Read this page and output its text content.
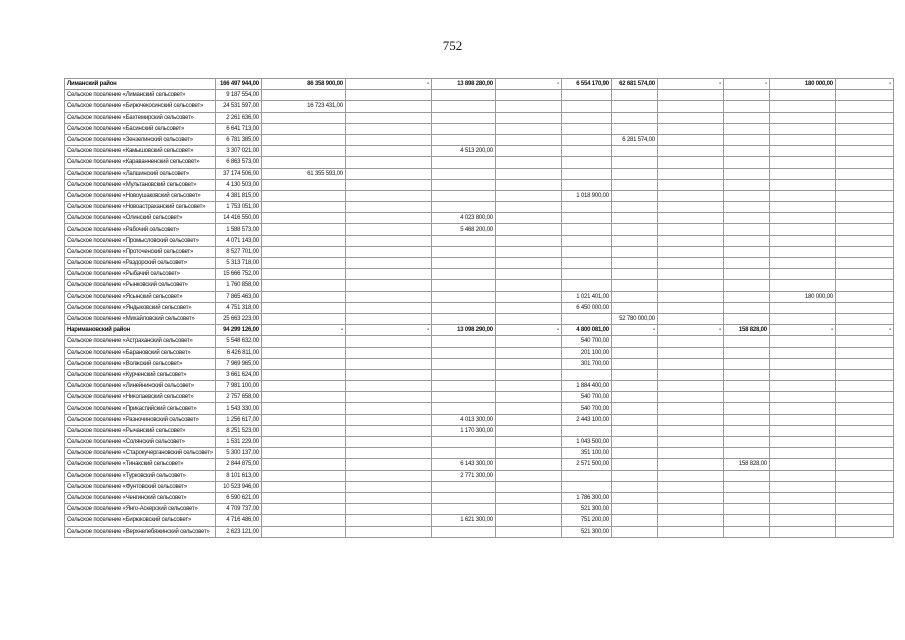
752
Лиманский район	166 497 944,00	86 358 900,00	-	13 898 280,00	-	6 554 170,90	62 681 574,00	-	-	180 000,00	-
Сельское поселение «Лиманский сельсовет»	9 187 554,00										
Сельское поселение «Бирючекосинский сельсовет»	24 531 597,00	16 723 431,00									
Сельское поселение «Бахтемирский сельсовет»	2 261 636,00										
Сельское поселение «Басинский сельсовет»	6 641 713,00										
Сельское поселение «Зензелинский сельсовет»	6 781 385,00						6 281 574,00				
Сельское поселение «Камышовский сельсовет»	3 307 021,00			4 513 200,00							
Сельское поселение «Караванненский сельсовет»	6 863 573,00										
Сельское поселение «Лапшинский сельсовет»	37 174 506,00	61 355 593,00									
Сельское поселение «Мультановский сельсовет»	4 130 503,00										
Сельское поселение «Новоушаковский сельсовет»	4 381 815,00					1 018 900,00					
Сельское поселение «Новоастраханский сельсовет»	1 753 051,00										
Сельское поселение «Олинский сельсовет»	14 416 550,00			4 023 800,00							
Сельское поселение «Рабочий сельсовет»	1 588 573,00			5 468 200,00							
Сельское поселение «Промысловский сельсовет»	4 071 143,00										
Сельское поселение «Проточенский сельсовет»	8 527 701,00										
Сельское поселение «Раздорский сельсовет»	5 313 718,00										
Сельское поселение «Рыбачий сельсовет»	15 666 752,00										
Сельское поселение «Рынковский сельсовет»	1 760 858,00										
Сельское поселение «Ясынский сельсовет»	7 865 463,00					1 021 401,00				180 000,00	
Сельское поселение «Яндыковский сельсовет»	4 751 318,00					6 450 000,00					
Сельское поселение «Михайловский сельсовет»	25 663 223,00						52 780 000,00				
Наримановский район	94 299 126,00	-	-	13 098 290,00	-	4 800 081,00	-	-	158 828,00	-	-
Сельское поселение «Астраханский сельсовет»	5 548 632,00					540 700,00					
Сельское поселение «Барановский сельсовет»	6 426 811,00					201 100,00					
Сельское поселение «Волжский сельсовет»	7 969 965,00					301 700,00					
Сельское поселение «Курченский сельсовет»	3 661 624,00										
Сельское поселение «Линейнинский сельсовет»	7 981 100,00					1 884 400,00					
Сельское поселение «Николаевский сельсовет»	2 757 658,00					540 700,00					
Сельское поселение «Прикаспийский сельсовет»	1 543 330,00					540 700,00					
Сельское поселение «Разночиновский сельсовет»	1 256 617,00			4 013 300,00		2 443 100,00					
Сельское поселение «Рычанский сельсовет»	8 251 523,00			1 170 300,00							
Сельское поселение «Солянский сельсовет»	1 531 229,00					1 043 500,00					
Сельское поселение «Старокучергановский сельсовет»	5 300 137,00					351 100,00					
Сельское поселение «Тинакский сельсовет»	2 844 875,00			6 143 300,00		2 571 500,00			158 828,00		
Сельское поселение «Турковский сельсовет»	8 101 613,00			2 771 300,00							
Сельское поселение «Фунтовский сельсовет»	10 523 946,00										
Сельское поселение «Ченгинский сельсовет»	6 590 621,00					1 786 300,00					
Сельское поселение «Янго-Аскерский сельсовет»	4 709 737,00					521 300,00					
Сельское поселение «Бирюковский сельсовет»	4 716 486,00			1 621 300,00		751 200,00					
Сельское поселение «Верхнелебяжинский сельсовет»	2 623 121,00					521 300,00					
